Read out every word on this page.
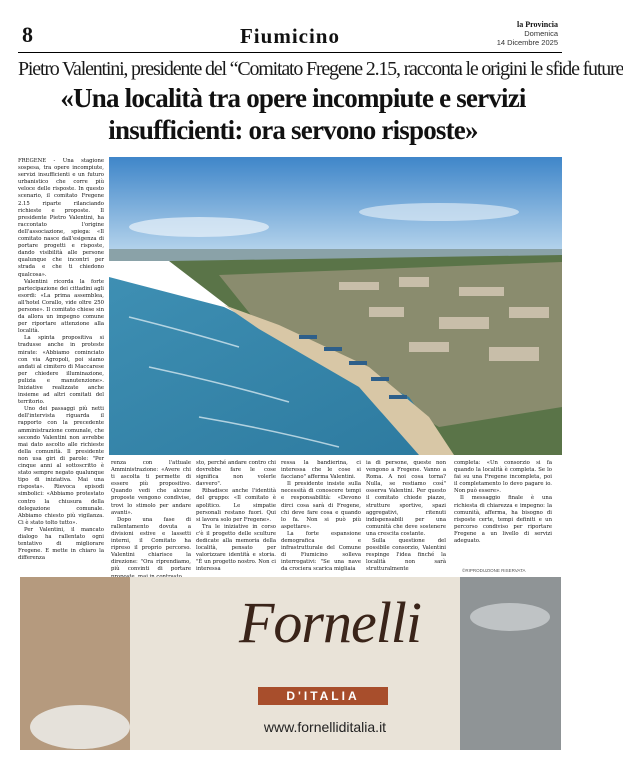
8	Fiumicino	la Provincia
Domenica
14 Dicembre 2025
Pietro Valentini, presidente del “Comitato Fregene 2.15, racconta le origini le sfide future
«Una località tra opere incompiute e servizi insufficienti: ora servono risposte»

FREGENE - Una stagione sospesa, tra opere incompiute, servizi insufficienti e un futuro urbanistico che corre più veloce delle risposte. In questo scenario, il comitato Fregene 2.15 riparte rilanciando richieste e proposte. Il presidente Pietro Valentini, ha raccontato l'origine dell'associazione, spiega: «Il comitato nasce dall'esigenza di portare progetti e risposte, dando visibilità alle persone qualunque che incontri per strada e che ti chiedono qualcosa».

Valentini ricorda la forte partecipazione dei cittadini agli esordi: «La prima assemblea, all'hotel Corallo, vide oltre 250 persone». Il comitato chiese sin da allora un impegno comune per riportare attenzione alla località.

La spinta propositiva si tradusse anche in proteste mirate: «Abbiamo cominciato con via Agropoli, poi siamo andati al cimitero di Maccarese per chiedere illuminazione, pulizia e manutenzione». Iniziative realizzate anche insieme ad altri comitati del territorio.

Uno dei passaggi più netti dell'intervista riguarda il rapporto con la precedente amministrazione comunale, che secondo Valentini non avrebbe mai dato ascolto alle richieste della comunità. Il presidente non usa giri di parole: "Per cinque anni al sottoscritto è stato sempre negato qualunque tipo di iniziativa. Mai una risposta». Rievoca episodi simbolici: «Abbiamo protestato contro la chiusura della delegazione comunale. Abbiamo chiesto più vigilanza. Ci è stato tolto tutto».

Per Valentini, il mancato dialogo ha rallentato ogni tentativo di migliorare Fregene. E mette in chiaro la differenza

renza con l'attuale Amministrazione: «Avere chi ti ascolta ti permette di essere più propositivo. Quando vedi che alcune proposte vengono condivise, trovi lo stimolo per andare avanti».

Dopo una fase di rallentamento dovuta a divisioni estive e lassetti interni, il Comitato ha ripreso il proprio percorso. Valentini chiarisce la direzione: "Ora riprendiamo, più convinti di portare

sto, perché andare contro chi dovrebbe fare le cose significa non volerle davvero".

Ribadisce anche l'identità del gruppo: «Il comitato è apolitico. Le simpatie personali restano fuori. Qui si lavora solo per Fregene».

Tra le iniziative in corso c'è il progetto delle sculture dedicate alla memoria della località, pensato per valorizzare identità e storia. "È un progetto nostro. Non ci interessa

ressa la bandierina, ci interessa che le cose si facciano" afferma Valentini.

Il presidente insiste sulla necessità di conoscere tempi e responsabilità: «Devono dirci cosa sarà di Fregene, chi deve fare cosa e quando lo fa. Non si può più aspettare».

La forte espansione demografica e infrastrutturale del Comune di Fiumicino solleva interrogativi: "Se una nave da crociera scarica migliaia

ia di persone, queste non vengono a Fregene. Vanno a Roma. A noi cosa torna? Nulla, se restiamo così" osserva Valentini. Per questo il comitato chiede piazze, strutture sportive, spazi aggregativi, ritenuti indispensabili per una comunità che deve sostenere una crescita costante.

Sulla questione del possibile consorzio, Valentini respinge l'idea finché la località non sarà strutturalmente

completa: «Un consorzio si fa quando la località è completa. Se lo fai su una Fregene incompleta, poi il completamento lo devo pagare io. Non può essere».

Il messaggio finale è una richiesta di chiarezza e impegno: la comunità, afferma, ha bisogno di risposte certe, tempi definiti e un percorso condiviso per riportare Fregene a un livello di servizi adeguato.

©RIPRODUZIONE RISERVATA
Fornelli
D'ITALIA
www.fornelliditalia.it
